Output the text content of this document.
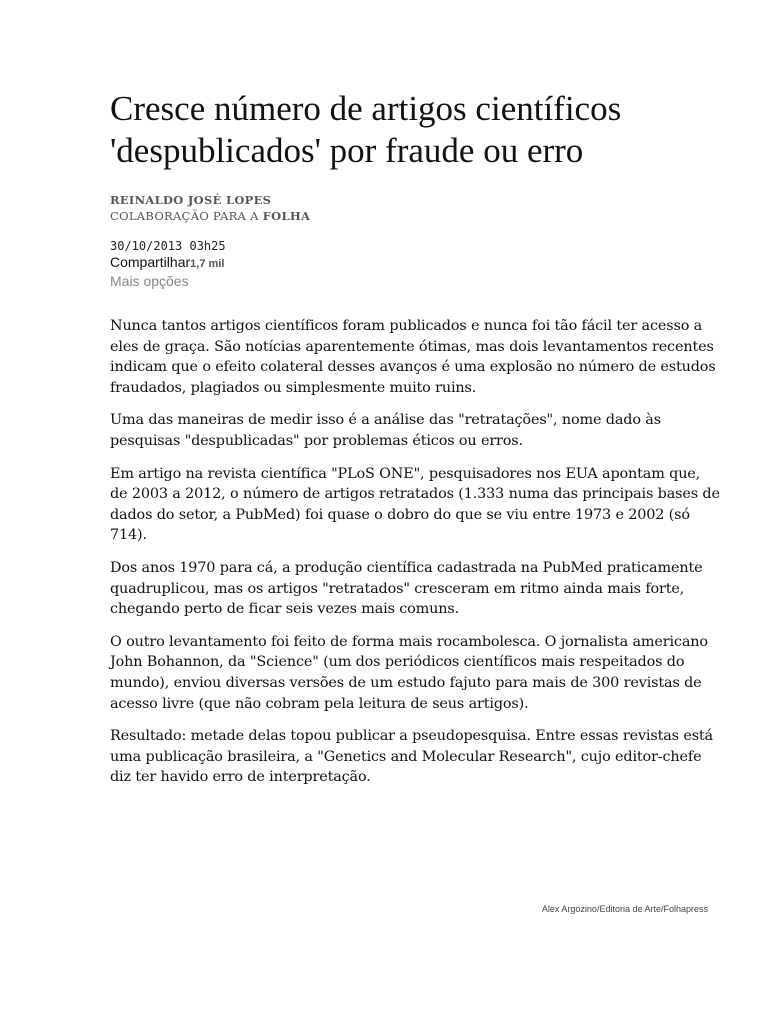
Cresce número de artigos científicos 'despublicados' por fraude ou erro
REINALDO JOSÉ LOPES
COLABORAÇÃO PARA A FOLHA
30/10/2013 03h25
Compartilhar1,7 mil
Mais opções

Nunca tantos artigos científicos foram publicados e nunca foi tão fácil ter acesso a eles de graça. São notícias aparentemente ótimas, mas dois levantamentos recentes indicam que o efeito colateral desses avanços é uma explosão no número de estudos fraudados, plagiados ou simplesmente muito ruins.

Uma das maneiras de medir isso é a análise das "retratações", nome dado às pesquisas "despublicadas" por problemas éticos ou erros.

Em artigo na revista científica "PLoS ONE", pesquisadores nos EUA apontam que, de 2003 a 2012, o número de artigos retratados (1.333 numa das principais bases de dados do setor, a PubMed) foi quase o dobro do que se viu entre 1973 e 2002 (só 714).

Dos anos 1970 para cá, a produção científica cadastrada na PubMed praticamente quadruplicou, mas os artigos "retratados" cresceram em ritmo ainda mais forte, chegando perto de ficar seis vezes mais comuns.

O outro levantamento foi feito de forma mais rocambolesca. O jornalista americano John Bohannon, da "Science" (um dos periódicos científicos mais respeitados do mundo), enviou diversas versões de um estudo fajuto para mais de 300 revistas de acesso livre (que não cobram pela leitura de seus artigos).

Resultado: metade delas topou publicar a pseudopesquisa. Entre essas revistas está uma publicação brasileira, a "Genetics and Molecular Research", cujo editor-chefe diz ter havido erro de interpretação.

Alex Argozino/Editoria de Arte/Folhapress
